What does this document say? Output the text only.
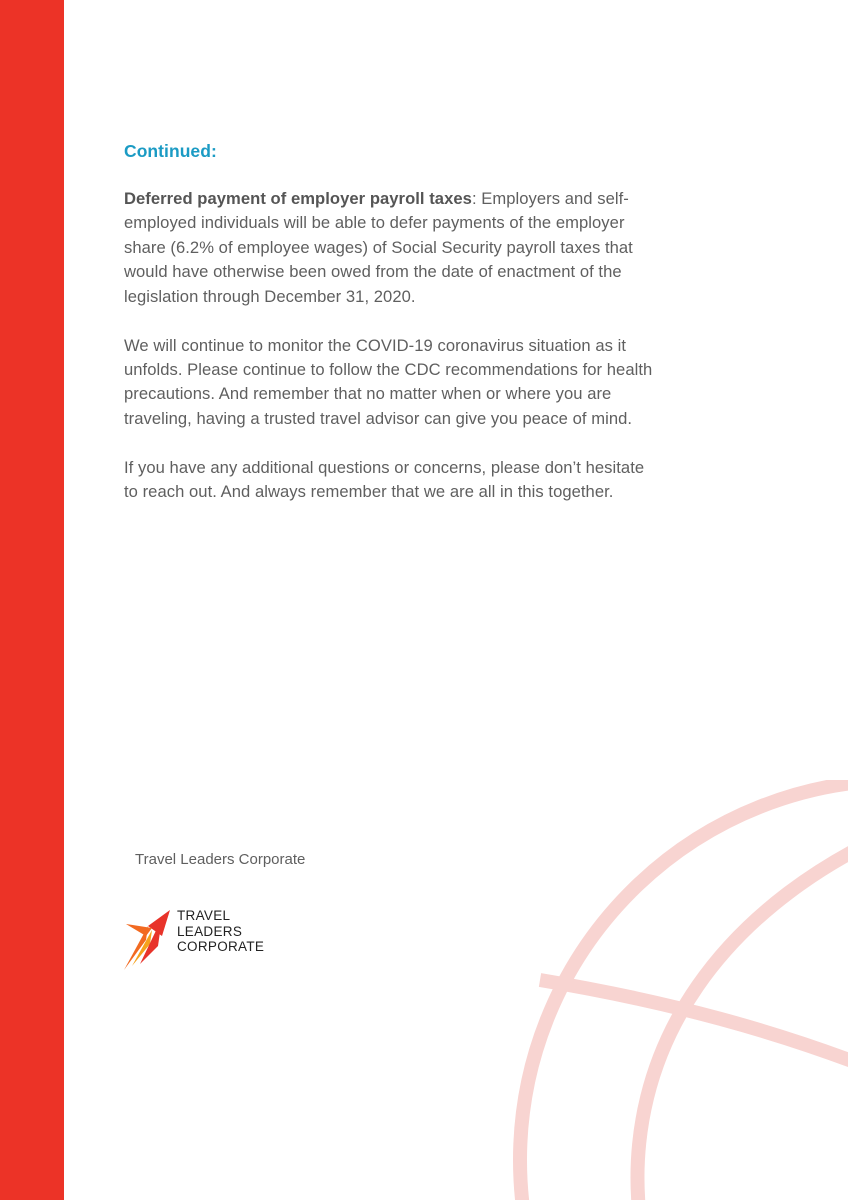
Continued:

Deferred payment of employer payroll taxes: Employers and self-employed individuals will be able to defer payments of the employer share (6.2% of employee wages) of Social Security payroll taxes that would have otherwise been owed from the date of enactment of the legislation through December 31, 2020.

We will continue to monitor the COVID-19 coronavirus situation as it unfolds. Please continue to follow the CDC recommendations for health precautions. And remember that no matter when or where you are traveling, having a trusted travel advisor can give you peace of mind.

If you have any additional questions or concerns, please don’t hesitate to reach out. And always remember that we are all in this together.

Travel Leaders Corporate
TRAVEL
LEADERS
CORPORATE
